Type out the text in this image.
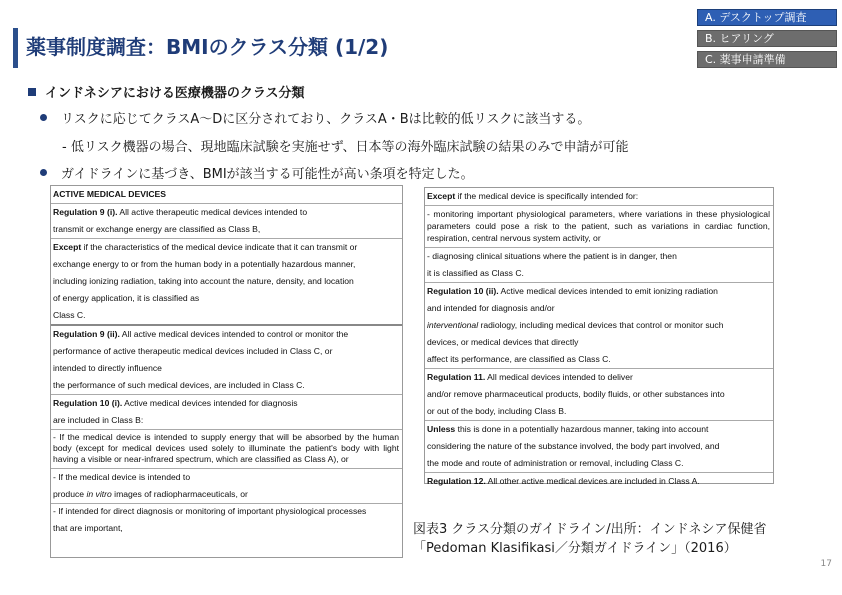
薬事制度調査：BMIのクラス分類 (1/2)
A. デスクトップ調査
B. ヒアリング
C. 薬事申請準備
インドネシアにおける医療機器のクラス分類
リスクに応じてクラスA～Dに区分されており、クラスA・Bは比較的低リスクに該当する。
- 低リスク機器の場合、現地臨床試験を実施せず、日本等の海外臨床試験の結果のみで申請が可能
ガイドラインに基づき、BMIが該当する可能性が高い条項を特定した。

ACTIVE MEDICAL DEVICES

Regulation 9 (i). All active therapeutic medical devices intended to

transmit or exchange energy are classified as Class B,

Except if the characteristics of the medical device indicate that it can transmit or

exchange energy to or from the human body in a potentially hazardous manner,

including ionizing radiation, taking into account the nature, density, and location

of energy application, it is classified as

Class C.

Regulation 9 (ii). All active medical devices intended to control or monitor the

performance of active therapeutic medical devices included in Class C, or

intended to directly influence

the performance of such medical devices, are included in Class C.

Regulation 10 (i). Active medical devices intended for diagnosis

are included in Class B:

- If the medical device is intended to supply energy that will be absorbed by the human body (except for medical devices used solely to illuminate the patient's body with light having a visible or near-infrared spectrum, which are classified as Class A), or

- If the medical device is intended to

produce in vitro images of radiopharmaceuticals, or

- If intended for direct diagnosis or monitoring of important physiological processes

that are important,

Except if the medical device is specifically intended for:

- monitoring important physiological parameters, where variations in these physiological parameters could pose a risk to the patient, such as variations in cardiac function, respiration, central nervous system activity, or

- diagnosing clinical situations where the patient is in danger, then

it is classified as Class C.

Regulation 10 (ii). Active medical devices intended to emit ionizing radiation

and intended for diagnosis and/or

interventional radiology, including medical devices that control or monitor such

devices, or medical devices that directly

affect its performance, are classified as Class C.

Regulation 11. All medical devices intended to deliver

and/or remove pharmaceutical products, bodily fluids, or other substances into

or out of the body, including Class B.

Unless this is done in a potentially hazardous manner, taking into account

considering the nature of the substance involved, the body part involved, and

the mode and route of administration or removal, including Class C.

Regulation 12. All other active medical devices are included in Class A.

図表3 クラス分類のガイドライン/出所：インドネシア保健省
「Pedoman Klasifikasi／分類ガイドライン」（2016）
17
